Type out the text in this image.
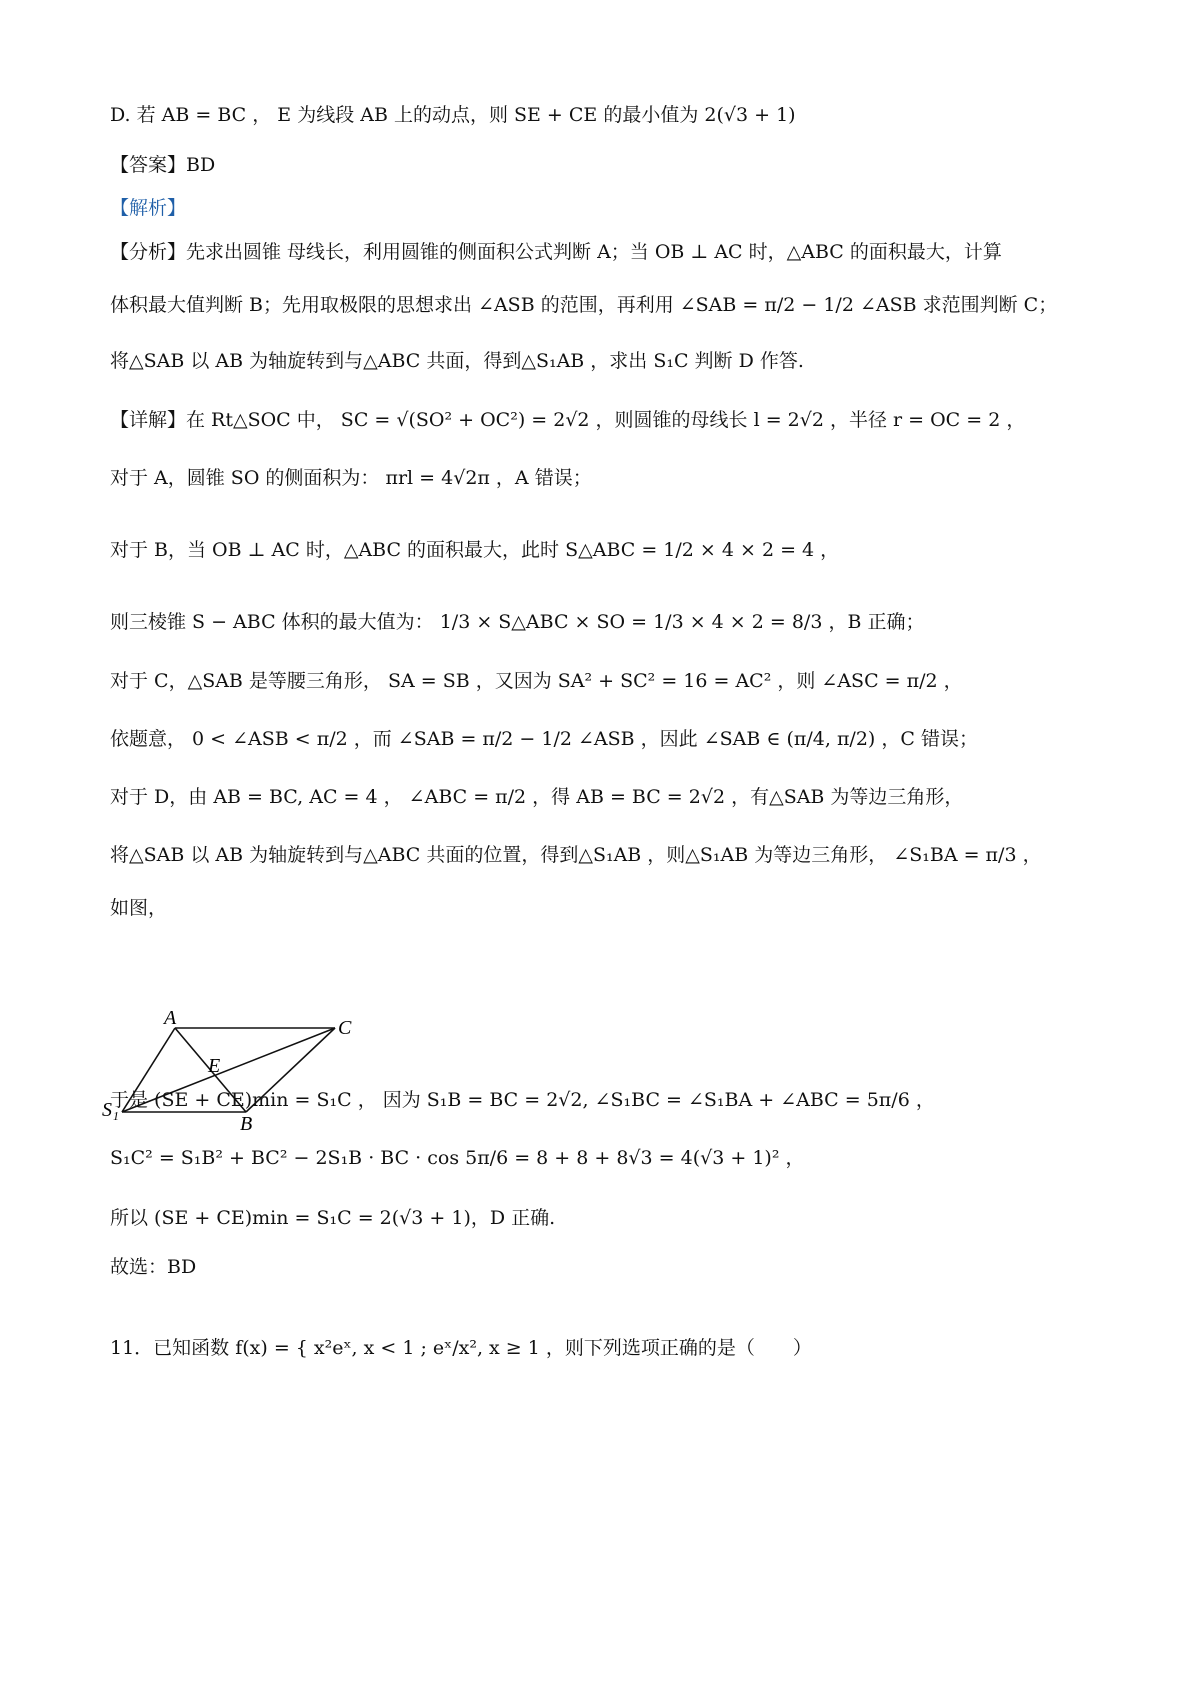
D. 若 AB = BC ， E 为线段 AB 上的动点，则 SE + CE 的最小值为 2(√3 + 1)
【答案】BD
【解析】
【分析】先求出圆锥 母线长，利用圆锥的侧面积公式判断 A；当 OB ⊥ AC 时，△ABC 的面积最大，计算
体积最大值判断 B；先用取极限的思想求出 ∠ASB 的范围，再利用 ∠SAB = π/2 − 1/2 ∠ASB 求范围判断 C；
将△SAB 以 AB 为轴旋转到与△ABC 共面，得到△S₁AB ，求出 S₁C 判断 D 作答.
【详解】在 Rt△SOC 中， SC = √(SO² + OC²) = 2√2 ，则圆锥的母线长 l = 2√2 ，半径 r = OC = 2 ，
对于 A，圆锥 SO 的侧面积为： πrl = 4√2π ，A 错误；
对于 B，当 OB ⊥ AC 时，△ABC 的面积最大，此时 S△ABC = 1/2 × 4 × 2 = 4 ，
则三棱锥 S − ABC 体积的最大值为： 1/3 × S△ABC × SO = 1/3 × 4 × 2 = 8/3 ，B 正确；
对于 C，△SAB 是等腰三角形， SA = SB ，又因为 SA² + SC² = 16 = AC² ，则 ∠ASC = π/2 ，
依题意， 0 < ∠ASB < π/2 ，而 ∠SAB = π/2 − 1/2 ∠ASB ，因此 ∠SAB ∈ (π/4, π/2) ，C 错误；
对于 D，由 AB = BC, AC = 4 ， ∠ABC = π/2 ，得 AB = BC = 2√2 ，有△SAB 为等边三角形，
将△SAB 以 AB 为轴旋转到与△ABC 共面的位置，得到△S₁AB ，则△S₁AB 为等边三角形， ∠S₁BA = π/3 ，
如图，
A	C
E
S₁
B
于是 (SE + CE)min = S₁C ， 因为 S₁B = BC = 2√2, ∠S₁BC = ∠S₁BA + ∠ABC = 5π/6 ，
S₁C² = S₁B² + BC² − 2S₁B · BC · cos 5π/6 = 8 + 8 + 8√3 = 4(√3 + 1)² ，
所以 (SE + CE)min = S₁C = 2(√3 + 1)，D 正确.
故选：BD
11．已知函数 f(x) = { x²eˣ, x < 1 ; eˣ/x², x ≥ 1 ，则下列选项正确的是（　　）
